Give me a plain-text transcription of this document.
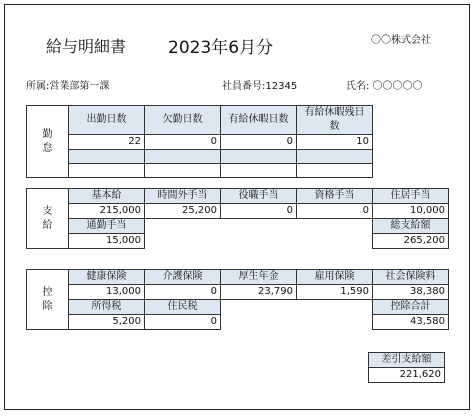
給与明細書 2023年6月分	〇〇株式会社
所属:営業部第一課	社員番号:12345	氏名: 〇〇〇〇〇
勤
怠	出勤日数	欠勤日数	有給休暇日数	有給休暇残日数
	22	0	0	10

支
給	基本給	時間外手当	役職手当	資格手当	住居手当
	215,000	25,200	0	0	10,000
	通勤手当				総支給額
	15,000				265,200
控
除	健康保険	介護保険	厚生年金	雇用保険	社会保険料
	13,000	0	23,790	1,590	38,380
	所得税	住民税			控除合計
	5,200	0			43,580
差引支給額
221,620
